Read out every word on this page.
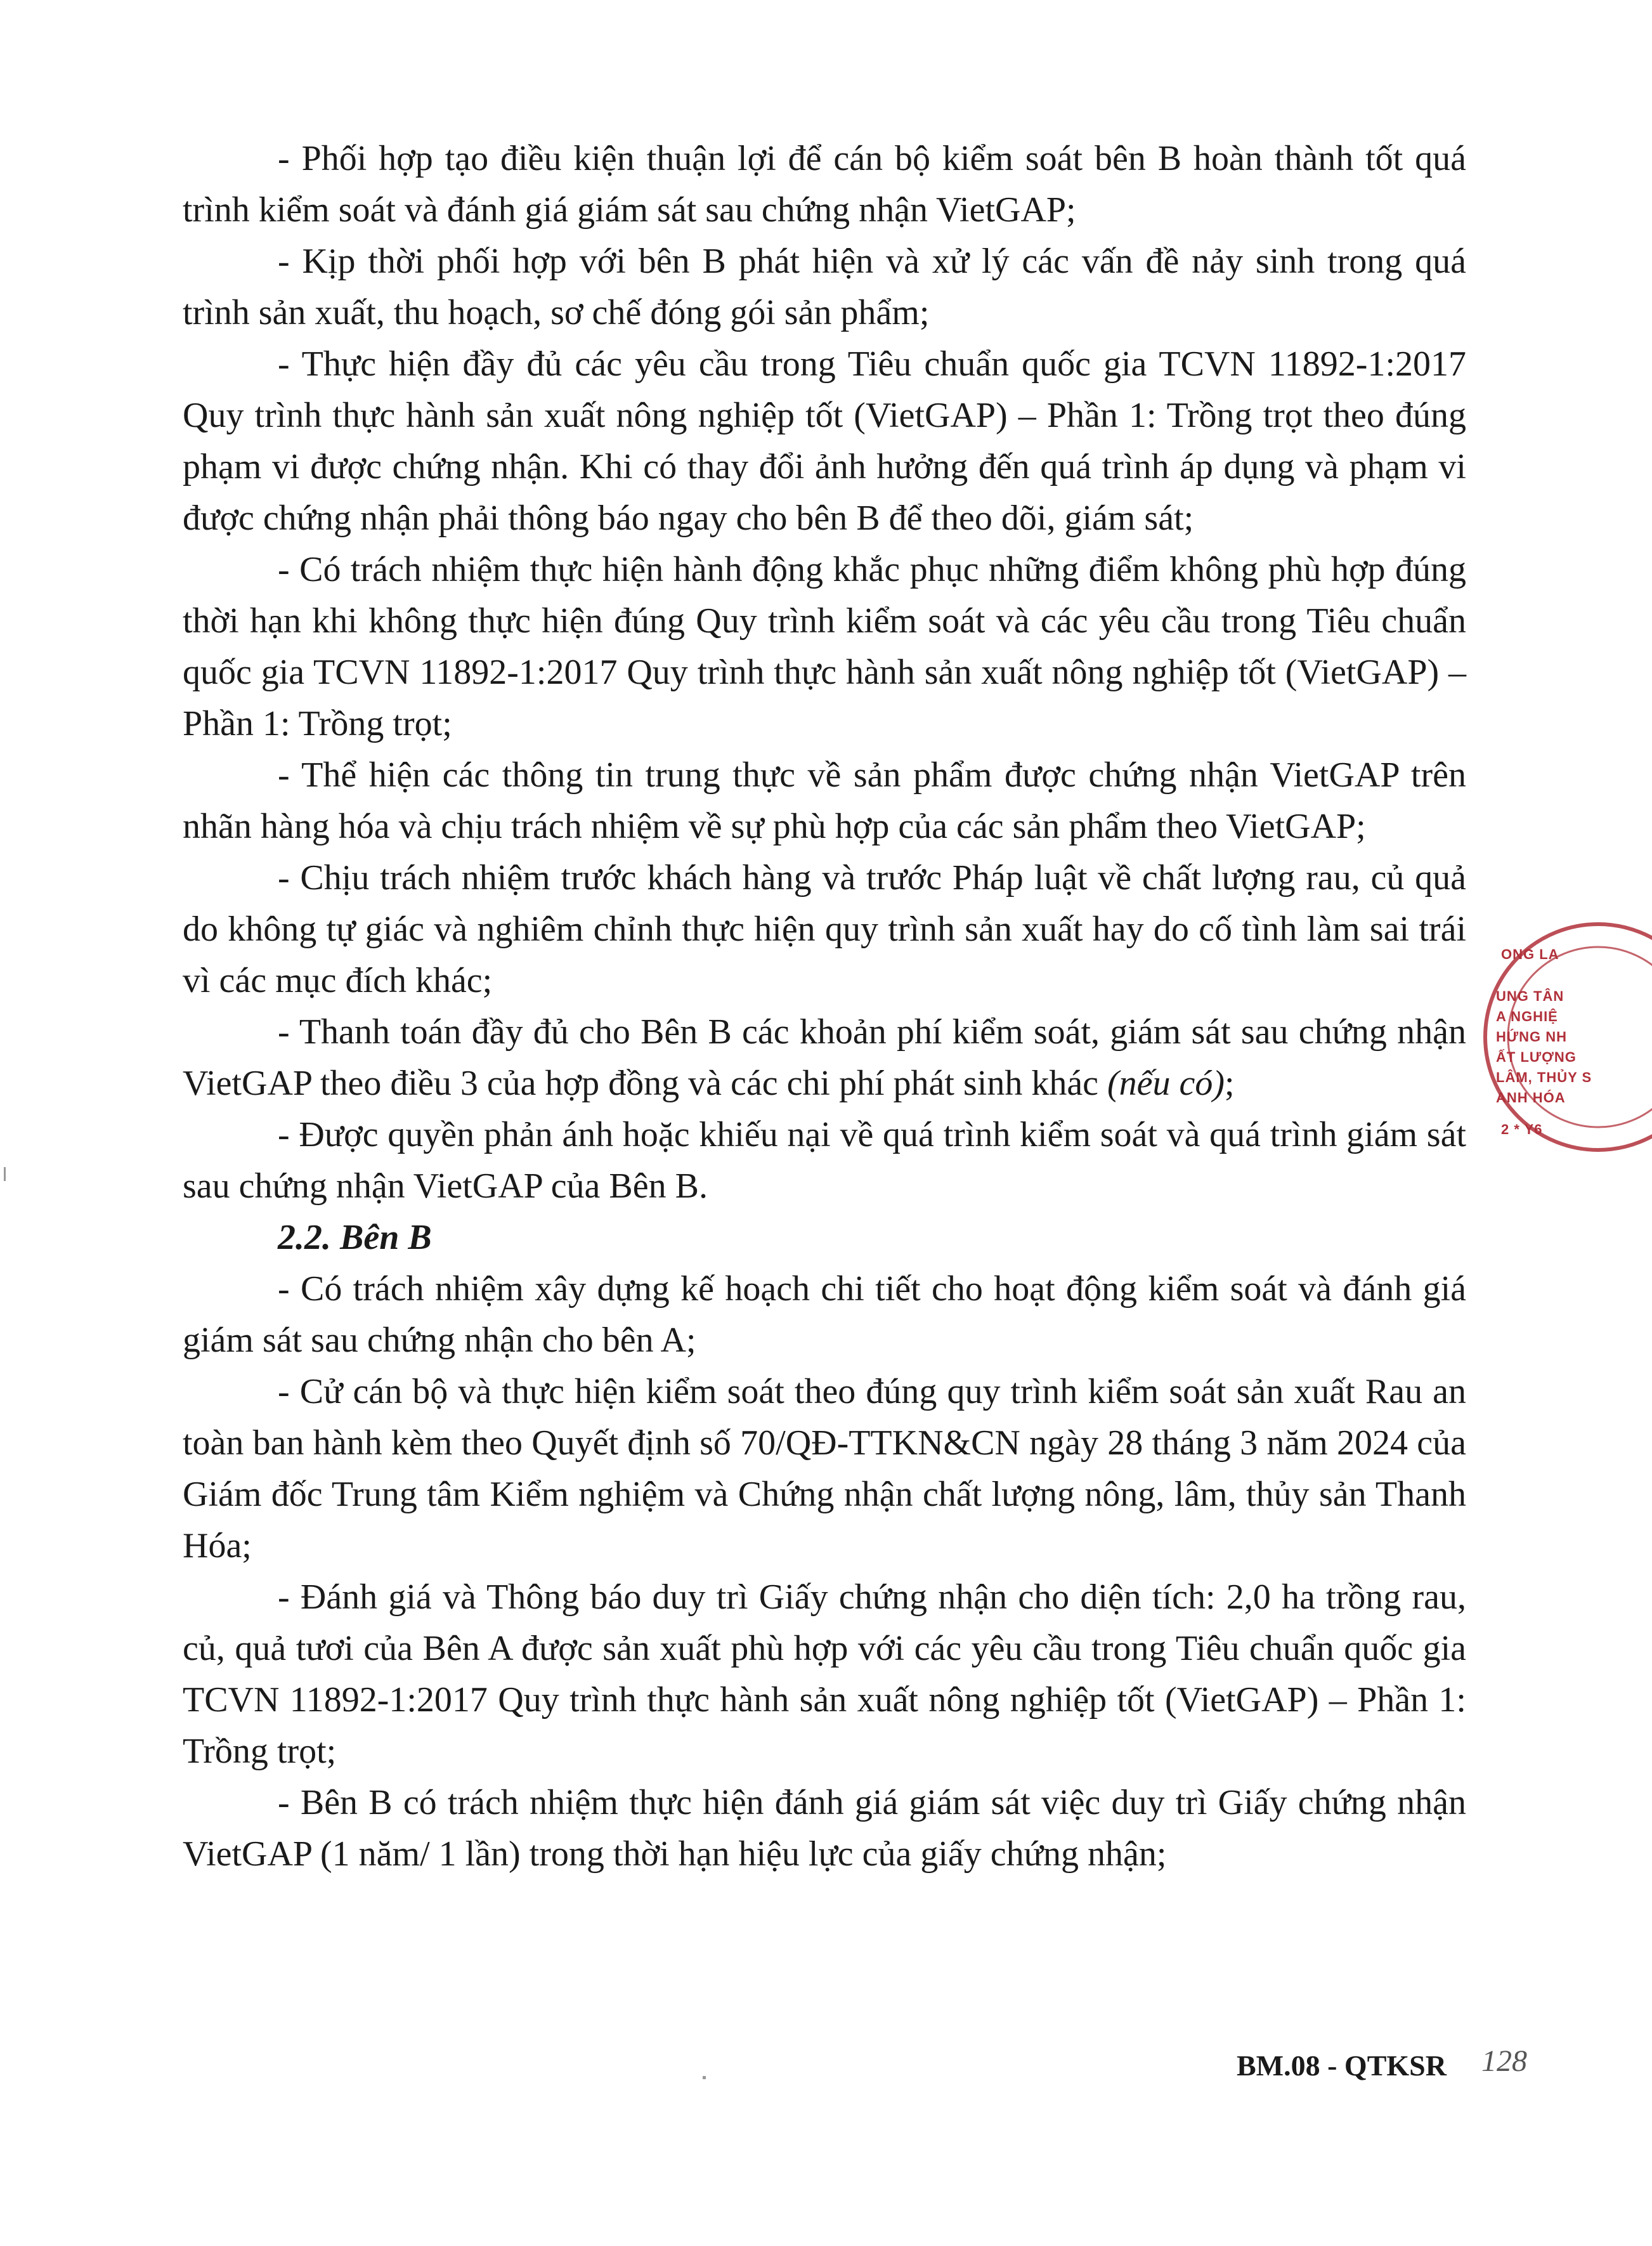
- Phối hợp tạo điều kiện thuận lợi để cán bộ kiểm soát bên B hoàn thành tốt quá trình kiểm soát và đánh giá giám sát sau chứng nhận VietGAP;

- Kịp thời phối hợp với bên B phát hiện và xử lý các vấn đề nảy sinh trong quá trình sản xuất, thu hoạch, sơ chế đóng gói sản phẩm;

- Thực hiện đầy đủ các yêu cầu trong Tiêu chuẩn quốc gia TCVN 11892-1:2017 Quy trình thực hành sản xuất nông nghiệp tốt (VietGAP) – Phần 1: Trồng trọt theo đúng phạm vi được chứng nhận. Khi có thay đổi ảnh hưởng đến quá trình áp dụng và phạm vi được chứng nhận phải thông báo ngay cho bên B để theo dõi, giám sát;

- Có trách nhiệm thực hiện hành động khắc phục những điểm không phù hợp đúng thời hạn khi không thực hiện đúng Quy trình kiểm soát và các yêu cầu trong Tiêu chuẩn quốc gia TCVN 11892-1:2017 Quy trình thực hành sản xuất nông nghiệp tốt (VietGAP) – Phần 1: Trồng trọt;

- Thể hiện các thông tin trung thực về sản phẩm được chứng nhận VietGAP trên nhãn hàng hóa và chịu trách nhiệm về sự phù hợp của các sản phẩm theo VietGAP;

- Chịu trách nhiệm trước khách hàng và trước Pháp luật về chất lượng rau, củ quả do không tự giác và nghiêm chỉnh thực hiện quy trình sản xuất hay do cố tình làm sai trái vì các mục đích khác;

- Thanh toán đầy đủ cho Bên B các khoản phí kiểm soát, giám sát sau chứng nhận VietGAP theo điều 3 của hợp đồng và các chi phí phát sinh khác (nếu có);

- Được quyền phản ánh hoặc khiếu nại về quá trình kiểm soát và quá trình giám sát sau chứng nhận VietGAP của Bên B.

2.2. Bên B

- Có trách nhiệm xây dựng kế hoạch chi tiết cho hoạt động kiểm soát và đánh giá giám sát sau chứng nhận cho bên A;

- Cử cán bộ và thực hiện kiểm soát theo đúng quy trình kiểm soát sản xuất Rau an toàn ban hành kèm theo Quyết định số 70/QĐ-TTKN&CN ngày 28 tháng 3 năm 2024 của Giám đốc Trung tâm Kiểm nghiệm và Chứng nhận chất lượng nông, lâm, thủy sản Thanh Hóa;

- Đánh giá và Thông báo duy trì Giấy chứng nhận cho diện tích: 2,0 ha trồng rau, củ, quả tươi của Bên A được sản xuất phù hợp với các yêu cầu trong Tiêu chuẩn quốc gia TCVN 11892-1:2017 Quy trình thực hành sản xuất nông nghiệp tốt (VietGAP) – Phần 1: Trồng trọt;

- Bên B có trách nhiệm thực hiện đánh giá giám sát việc duy trì Giấy chứng nhận VietGAP (1 năm/ 1 lần) trong thời hạn hiệu lực của giấy chứng nhận;

ONG LA
UNG TÂN
A NGHIỆ
HỨNG NH
ẤT LƯỢNG
LÂM, THỦY S
ANH HÓA
2 * Y6
BM.08 - QTKSR 128
